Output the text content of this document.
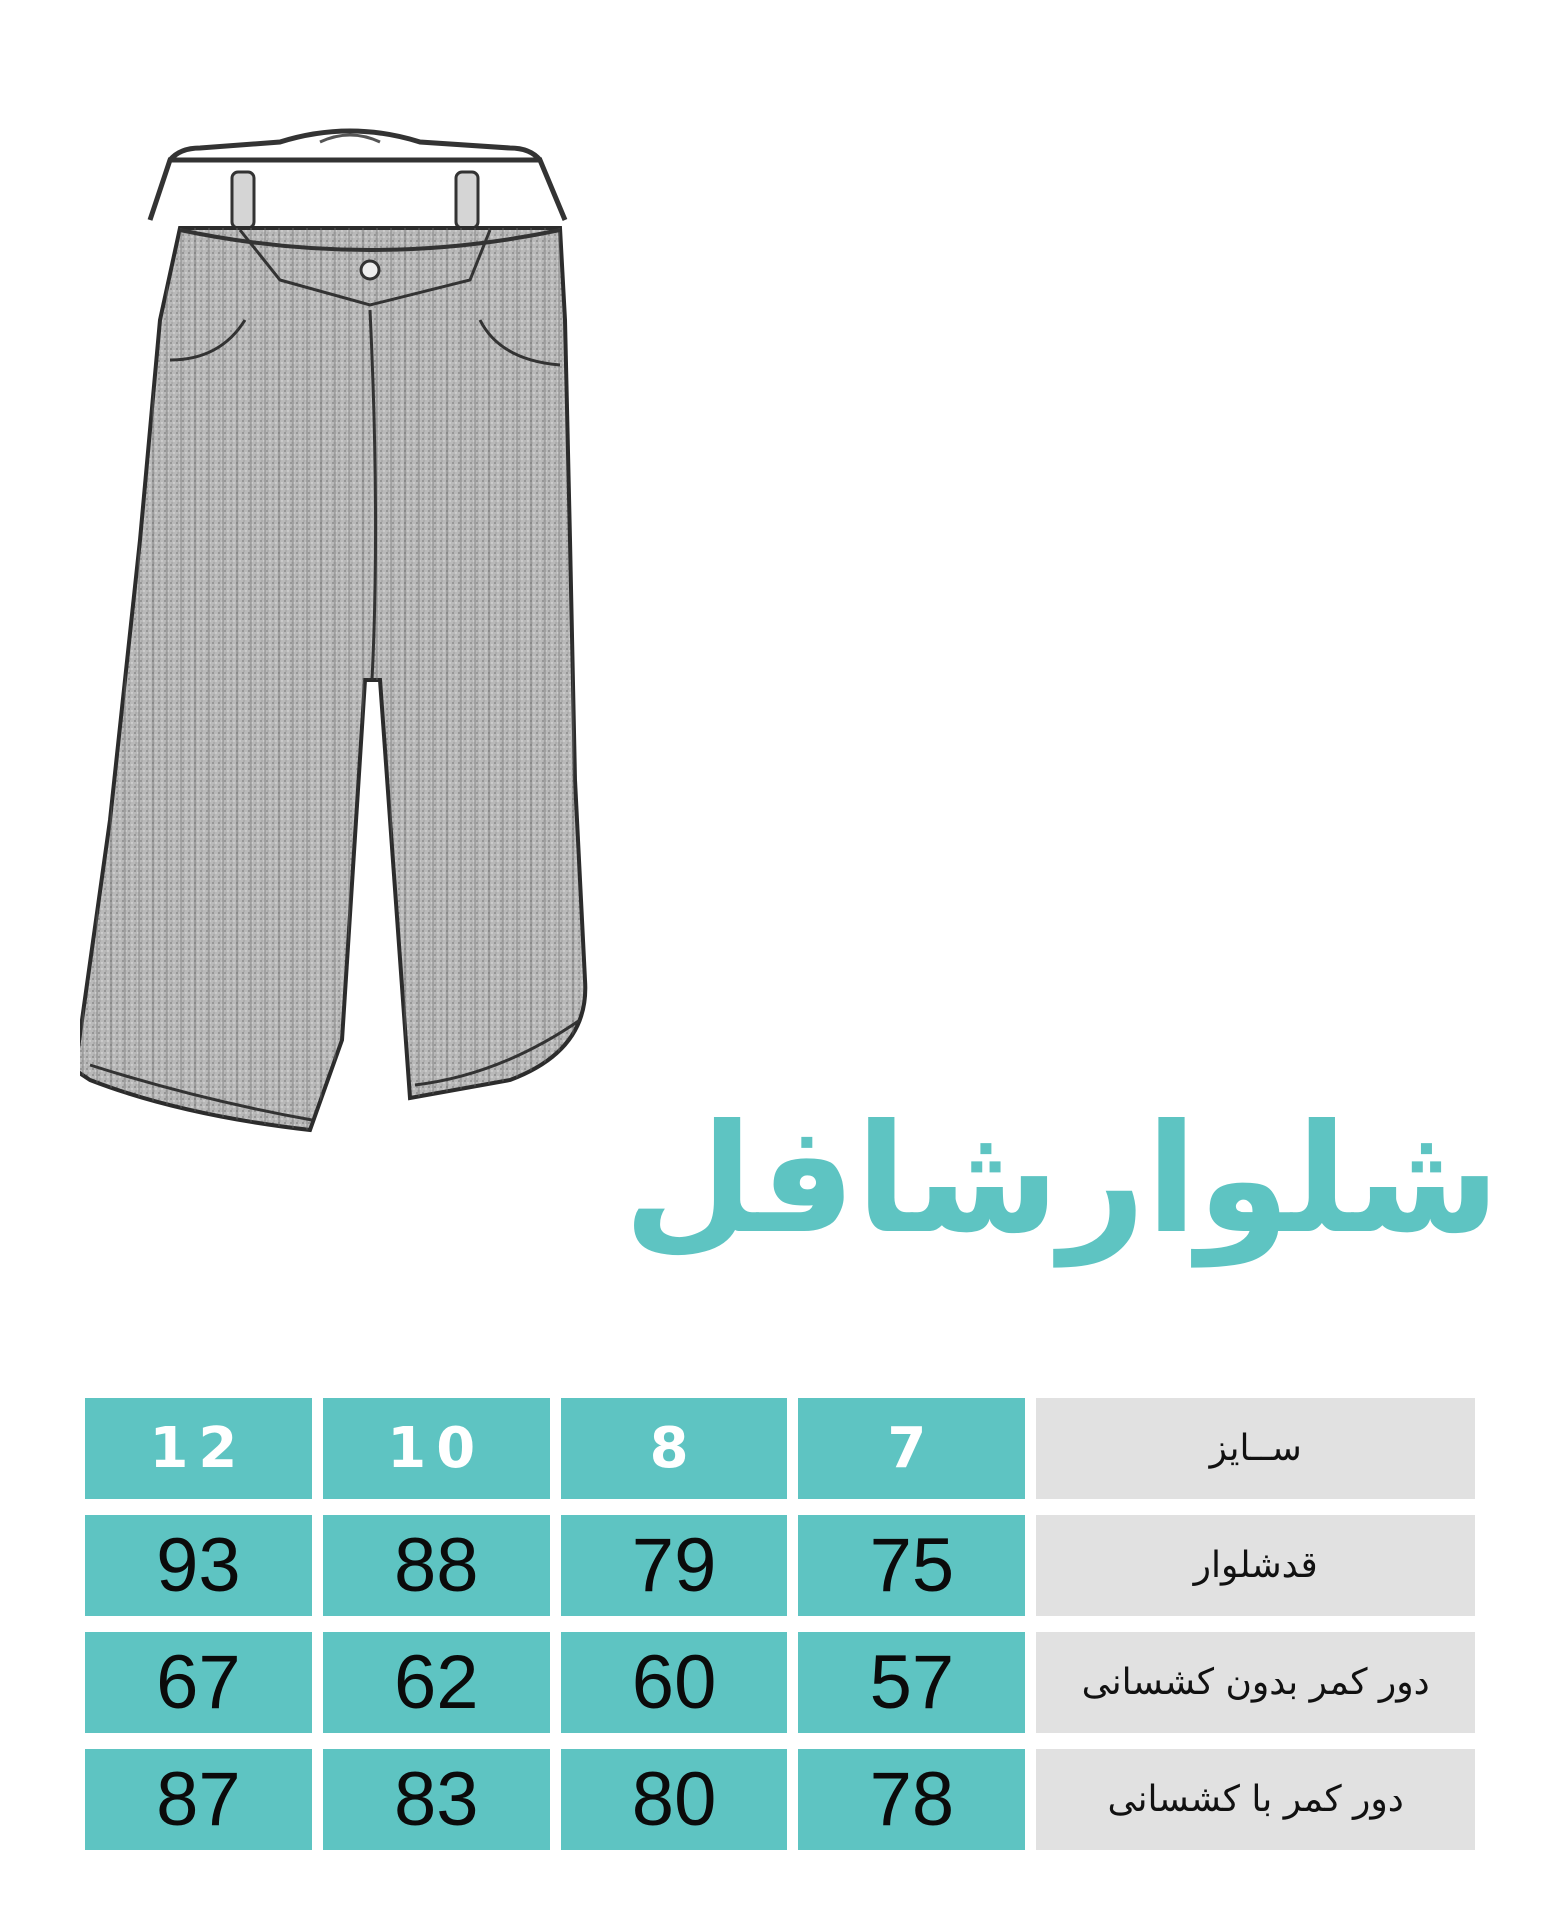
شلوارشافل
12 10	8	7	ســایز
93 88 79 75	قدشلوار
67 62 60 57	دور کمر بدون کشسانی
87 83 80 78	دور کمر با کشسانی
